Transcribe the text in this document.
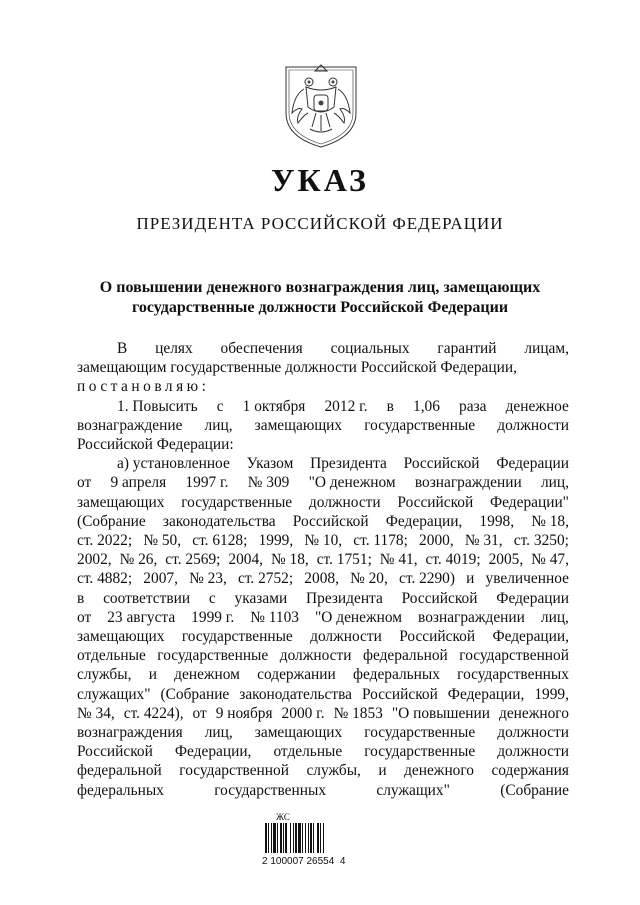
УКАЗ
ПРЕЗИДЕНТА РОССИЙСКОЙ ФЕДЕРАЦИИ
О повышении денежного вознаграждения лиц, замещающих
государственные должности Российской Федерации
В целях обеспечения социальных гарантий лицам,
замещающим государственные должности Российской Федерации,
постановляю:
1. Повысить с 1 октября 2012 г. в 1,06 раза денежное
вознаграждение лиц, замещающих государственные должности
Российской Федерации:
а) установленное Указом Президента Российской Федерации
от 9 апреля 1997 г. № 309 "О денежном вознаграждении лиц,
замещающих государственные должности Российской Федерации"
(Собрание законодательства Российской Федерации, 1998, № 18,
ст. 2022; № 50, ст. 6128; 1999, № 10, ст. 1178; 2000, № 31, ст. 3250;
2002, № 26, ст. 2569; 2004, № 18, ст. 1751; № 41, ст. 4019; 2005, № 47,
ст. 4882; 2007, № 23, ст. 2752; 2008, № 20, ст. 2290) и увеличенное
в соответствии с указами Президента Российской Федерации
от 23 августа 1999 г. № 1103 "О денежном вознаграждении лиц,
замещающих государственные должности Российской Федерации,
отдельные государственные должности федеральной государственной
службы, и денежном содержании федеральных государственных
служащих" (Собрание законодательства Российской Федерации, 1999,
№ 34, ст. 4224), от 9 ноября 2000 г. № 1853 "О повышении денежного
вознаграждения лиц, замещающих государственные должности
Российской Федерации, отдельные государственные должности
федеральной государственной службы, и денежного содержания
федеральных	государственных	служащих"	(Собрание
ЖС
2 100007 26554  4
